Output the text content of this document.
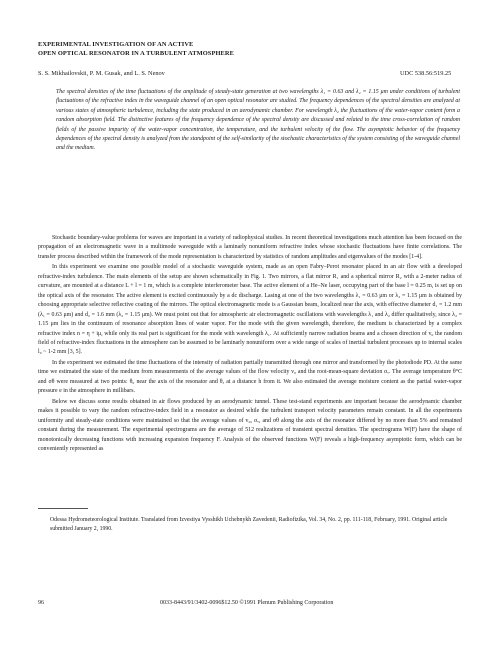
EXPERIMENTAL INVESTIGATION OF AN ACTIVE
OPEN OPTICAL RESONATOR IN A TURBULENT ATMOSPHERE
S. S. Mikhailovskii, P. M. Gusak, and L. S. Nenov	UDC 538.56:519.25
The spectral densities of the time fluctuations of the amplitude of steady-state generation at two wavelengths λ₁ = 0.63 and λ₂ = 1.15 μm under conditions of turbulent fluctuations of the refractive index in the waveguide channel of an open optical resonator are studied. The frequency dependences of the spectral densities are analyzed at various states of atmospheric turbulence, including the state produced in an aerodynamic chamber. For wavelength λ₂ the fluctuations of the water-vapor content form a random absorption field. The distinctive features of the frequency dependence of the spectral density are discussed and related to the time cross-correlation of random fields of the passive impurity of the water-vapor concentration, the temperature, and the turbulent velocity of the flow. The asymptotic behavior of the frequency dependences of the spectral density is analyzed from the standpoint of the self-similarity of the stochastic characteristics of the system consisting of the waveguide channel and the medium.

Stochastic boundary-value problems for waves are important in a variety of radiophysical studies. In recent theoretical investigations much attention has been focused on the propagation of an electromagnetic wave in a multimode waveguide with a laminarly nonuniform refractive index whose stochastic fluctuations have finite correlations. The transfer process described within the framework of the mode representation is characterized by statistics of random amplitudes and eigenvalues of the modes [1-4].

In this experiment we examine one possible model of a stochastic waveguide system, made as an open Fabry–Perot resonator placed in an air flow with a developed refractive-index turbulence. The main elements of the setup are shown schematically in Fig. 1. Two mirrors, a flat mirror R₁ and a spherical mirror R₂ with a 2-meter radius of curvature, are mounted at a distance L + l = 1 m, which is a complete interferometer base. The active element of a He–Ne laser, occupying part of the base l = 0.25 m, is set up on the optical axis of the resonator. The active element is excited continuously by a dc discharge. Lasing at one of the two wavelengths λ₁ = 0.63 μm or λ₂ = 1.15 μm is obtained by choosing appropriate selective reflective coating of the mirrors. The optical electromagnetic mode is a Gaussian beam, localized near the axis, with effective diameter d₁ = 1.2 mm (λ₁ = 0.63 μm) and d₂ = 1.6 mm (λ₂ = 1.15 μm). We must point out that for atmospheric air electromagnetic oscillations with wavelengths λ₁ and λ₂ differ qualitatively, since λ₂ = 1.15 μm lies in the continuum of resonance absorption lines of water vapor. For the mode with the given wavelength, therefore, the medium is characterized by a complex refractive index n = η + iμ, while only its real part is significant for the mode with wavelength λ₁. At sufficiently narrow radiation beams and a chosen direction of v₀ the random field of refractive-index fluctuations in the atmosphere can be assumed to be laminarly nonuniform over a wide range of scales of inertial turbulent processes up to internal scales l₀ ~ 1-2 mm [3, 5].

In the experiment we estimated the time fluctuations of the intensity of radiation partially transmitted through one mirror and transformed by the photodiode PD. At the same time we estimated the state of the medium from measurements of the average values of the flow velocity v₀ and the root-mean-square deviation σᵥ. The average temperature θ°C and σθ were measured at two points: θ₀ near the axis of the resonator and θₐ at a distance h from it. We also estimated the average moisture content as the partial water-vapor pressure e in the atmosphere in millibars.

Below we discuss some results obtained in air flows produced by an aerodynamic tunnel. These test-stand experiments are important because the aerodynamic chamber makes it possible to vary the random refractive-index field in a resonator as desired while the turbulent transport velocity parameters remain constant. In all the experiments uniformity and steady-state conditions were maintained so that the average values of v₀, σᵥ, and σθ along the axis of the resonator differed by no more than 5% and remained constant during the measurement. The experimental spectrograms are the average of 512 realizations of transient spectral densities. The spectrograms W(F) have the shape of monotonically decreasing functions with increasing expansion frequency F. Analysis of the observed functions W(F) reveals a high-frequency asymptotic form, which can be conveniently represented as

Odessa Hydrometeorological Institute. Translated from Izvestiya Vysshikh Uchebnykh Zavedenii, Radiofizika, Vol. 34, No. 2, pp. 111-118, February, 1991. Original article submitted January 2, 1990.
96	0033-8443/91/3402-0096$12.50 ©1991 Plenum Publishing Corporation
